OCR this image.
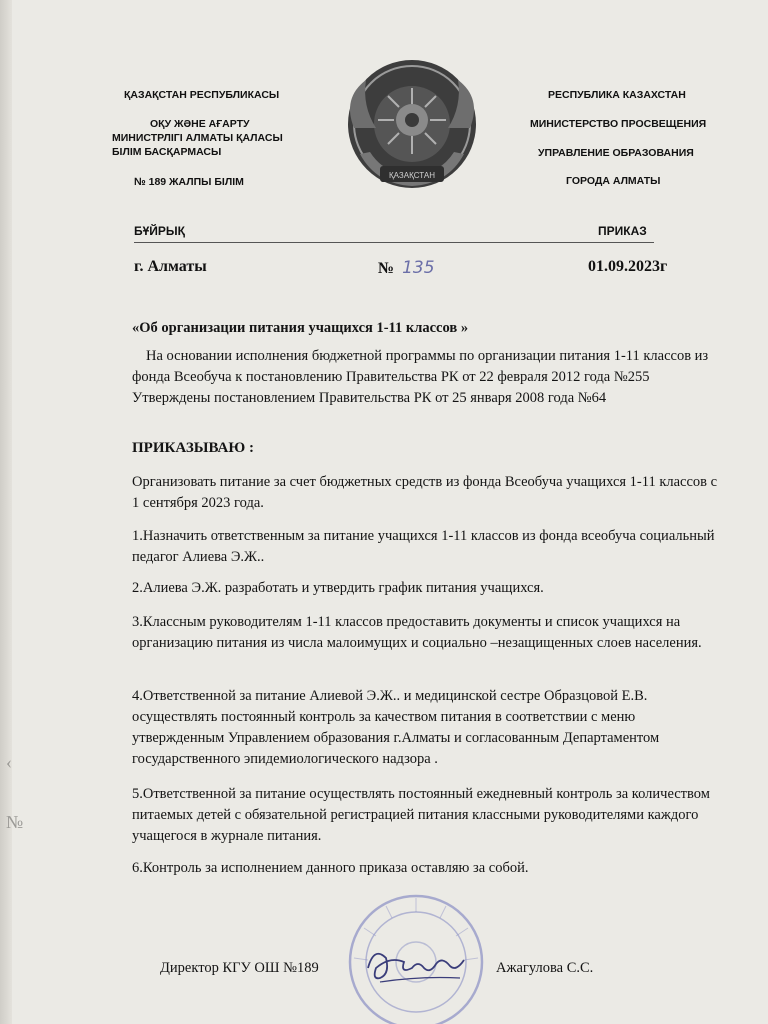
‹
№
ҚАЗАҚСТАН РЕСПУБЛИКАСЫ
ОҚУ ЖӘНЕ АҒАРТУ
МИНИСТРЛІГІ АЛМАТЫ ҚАЛАСЫ
БІЛІМ БАСҚАРМАСЫ
№ 189 ЖАЛПЫ БІЛІМ
ҚАЗАҚСТАН
РЕСПУБЛИКА КАЗАХСТАН
МИНИСТЕРСТВО ПРОСВЕЩЕНИЯ
УПРАВЛЕНИЕ ОБРАЗОВАНИЯ
ГОРОДА АЛМАТЫ
БҰЙРЫҚ	ПРИКАЗ
г. Алматы	№ 135	01.09.2023г
«Об организации питания учащихся 1-11 классов »
На основании исполнения бюджетной программы по организации питания 1-11 классов из фонда Всеобуча к постановлению Правительства РК от 22 февраля 2012 года №255 Утверждены постановлением Правительства РК от 25 января 2008 года №64
ПРИКАЗЫВАЮ :
Организовать питание за счет бюджетных средств из фонда Всеобуча учащихся 1-11 классов с 1 сентября 2023 года.
1.Назначить ответственным за питание учащихся 1-11 классов из фонда всеобуча социальный педагог Алиева Э.Ж..
2.Алиева Э.Ж. разработать и утвердить график питания учащихся.
3.Классным руководителям 1-11 классов предоставить документы и список учащихся на организацию питания из числа малоимущих и социально –незащищенных слоев населения.
4.Ответственной за питание Алиевой Э.Ж.. и медицинской сестре Образцовой Е.В. осуществлять постоянный контроль за качеством питания в соответствии с меню утвержденным Управлением образования г.Алматы и согласованным Департаментом государственного эпидемиологического надзора .
5.Ответственной за питание осуществлять постоянный ежедневный контроль за количеством питаемых детей с обязательной регистрацией питания классными руководителями каждого учащегося в журнале питания.
6.Контроль за исполнением данного приказа оставляю за собой.
Директор КГУ ОШ №189	Ажагулова С.С.
